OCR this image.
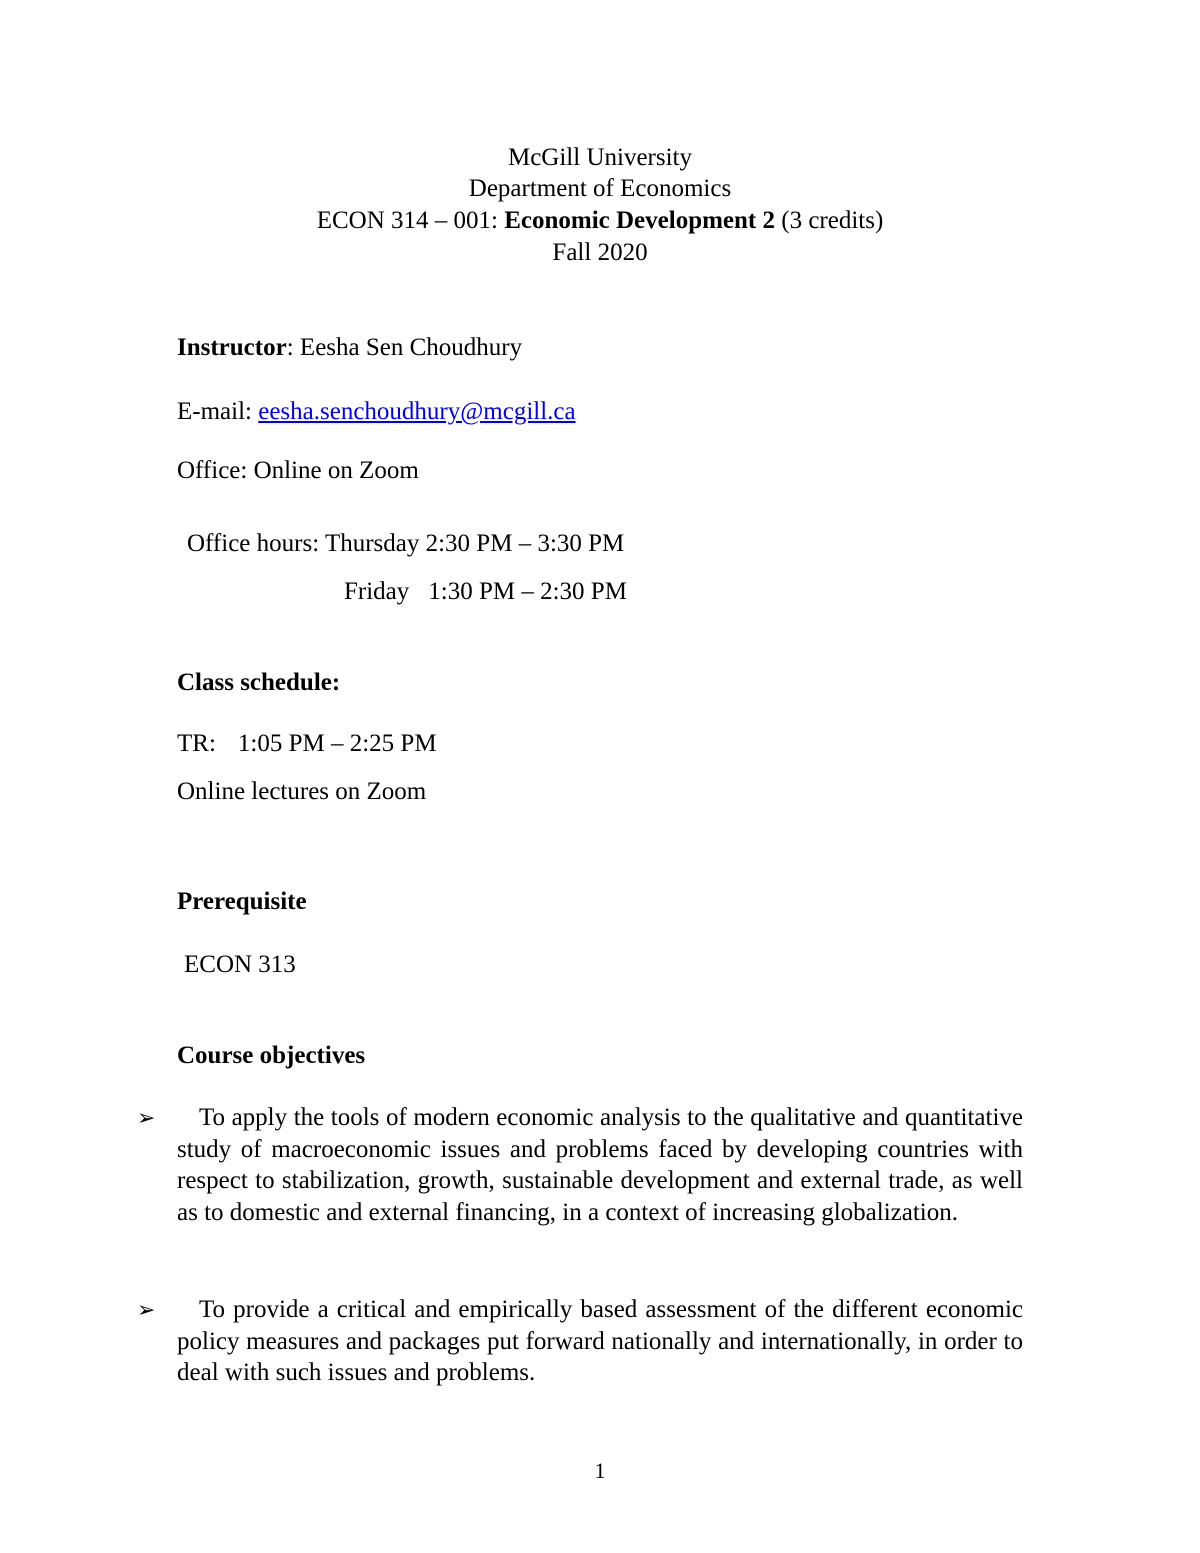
McGill University
Department of Economics
ECON 314 – 001: Economic Development 2 (3 credits)
Fall 2020
Instructor: Eesha Sen Choudhury
E-mail: eesha.senchoudhury@mcgill.ca
Office: Online on Zoom
Office hours: Thursday 2:30 PM – 3:30 PM
Friday 1:30 PM – 2:30 PM
Class schedule:
TR: 1:05 PM – 2:25 PM
Online lectures on Zoom
Prerequisite
ECON 313
Course objectives
➢	To apply the tools of modern economic analysis to the qualitative and quantitative study of macroeconomic issues and problems faced by developing countries with respect to stabilization, growth, sustainable development and external trade, as well as to domestic and external financing, in a context of increasing globalization.
➢	To provide a critical and empirically based assessment of the different economic policy measures and packages put forward nationally and internationally, in order to deal with such issues and problems.
1
